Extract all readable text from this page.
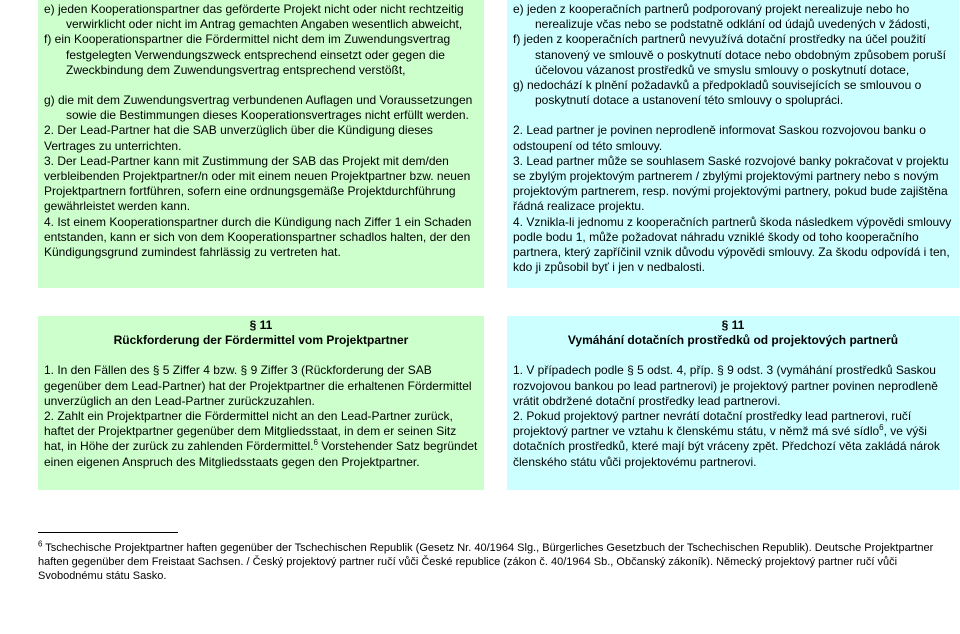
e) jeden Kooperationspartner das geförderte Projekt nicht oder nicht rechtzeitig verwirklicht oder nicht im Antrag gemachten Angaben wesentlich abweicht,
f) ein Kooperationspartner die Fördermittel nicht dem im Zuwendungsvertrag festgelegten Verwendungszweck entsprechend einsetzt oder gegen die Zweckbindung dem Zuwendungsvertrag entsprechend verstößt,
g) die mit dem Zuwendungsvertrag verbundenen Auflagen und Voraussetzungen sowie die Bestimmungen dieses Kooperationsvertrages nicht erfüllt werden.
2. Der Lead-Partner hat die SAB unverzüglich über die Kündigung dieses Vertrages zu unterrichten.
3. Der Lead-Partner kann mit Zustimmung der SAB das Projekt mit dem/den verbleibenden Projektpartner/n oder mit einem neuen Projektpartner bzw. neuen Projektpartnern fortführen, sofern eine ordnungsgemäße Projektdurchführung gewährleistet werden kann.
4. Ist einem Kooperationspartner durch die Kündigung nach Ziffer 1 ein Schaden entstanden, kann er sich von dem Kooperationspartner schadlos halten, der den Kündigungsgrund zumindest fahrlässig zu vertreten hat.
e) jeden z kooperačních partnerů podporovaný projekt nerealizuje nebo ho nerealizuje včas nebo se podstatně odklání od údajů uvedených v žádosti,
f) jeden z kooperačních partnerů nevyužívá dotační prostředky na účel použití stanovený ve smlouvě o poskytnutí dotace nebo obdobným způsobem poruší účelovou vázanost prostředků ve smyslu smlouvy o poskytnutí dotace,
g) nedochází k plnění požadavků a předpokladů souvisejících se smlouvou o poskytnutí dotace a ustanovení této smlouvy o spolupráci.
2. Lead partner je povinen neprodleně informovat Saskou rozvojovou banku o odstoupení od této smlouvy.
3. Lead partner může se souhlasem Saské rozvojové banky pokračovat v projektu se zbylým projektovým partnerem / zbylými projektovými partnery nebo s novým projektovým partnerem, resp. novými projektovými partnery, pokud bude zajištěna řádná realizace projektu.
4. Vznikla-li jednomu z kooperačních partnerů škoda následkem výpovědi smlouvy podle bodu 1, může požadovat náhradu vzniklé škody od toho kooperačního partnera, který zapříčinil vznik důvodu výpovědi smlouvy. Za škodu odpovídá i ten, kdo ji způsobil byť i jen v nedbalosti.
§ 11
Rückforderung der Fördermittel vom Projektpartner
1. In den Fällen des § 5 Ziffer 4 bzw. § 9 Ziffer 3 (Rückforderung der SAB gegenüber dem Lead-Partner) hat der Projektpartner die erhaltenen Fördermittel unverzüglich an den Lead-Partner zurückzuzahlen.
2. Zahlt ein Projektpartner die Fördermittel nicht an den Lead-Partner zurück, haftet der Projektpartner gegenüber dem Mitgliedsstaat, in dem er seinen Sitz hat, in Höhe der zurück zu zahlenden Fördermittel.$^6$ Vorstehender Satz begründet einen eigenen Anspruch des Mitgliedsstaats gegen den Projektpartner.
§ 11
Vymáhání dotačních prostředků od projektových partnerů
1. V případech podle § 5 odst. 4, příp. § 9 odst. 3 (vymáhání prostředků Saskou rozvojovou bankou po lead partnerovi) je projektový partner povinen neprodleně vrátit obdržené dotační prostředky lead partnerovi.
2. Pokud projektový partner nevrátí dotační prostředky lead partnerovi, ručí projektový partner ve vztahu k členskému státu, v němž má své sídlo$^6$, ve výši dotačních prostředků, které mají být vráceny zpět. Předchozí věta zakládá nárok členského státu vůči projektovému partnerovi.
$^6$ Tschechische Projektpartner haften gegenüber der Tschechischen Republik (Gesetz Nr. 40/1964 Slg., Bürgerliches Gesetzbuch der Tschechischen Republik). Deutsche Projektpartner haften gegenüber dem Freistaat Sachsen. / Český projektový partner ručí vůči České republice (zákon č. 40/1964 Sb., Občanský zákoník). Německý projektový partner ručí vůči Svobodnému státu Sasko.
